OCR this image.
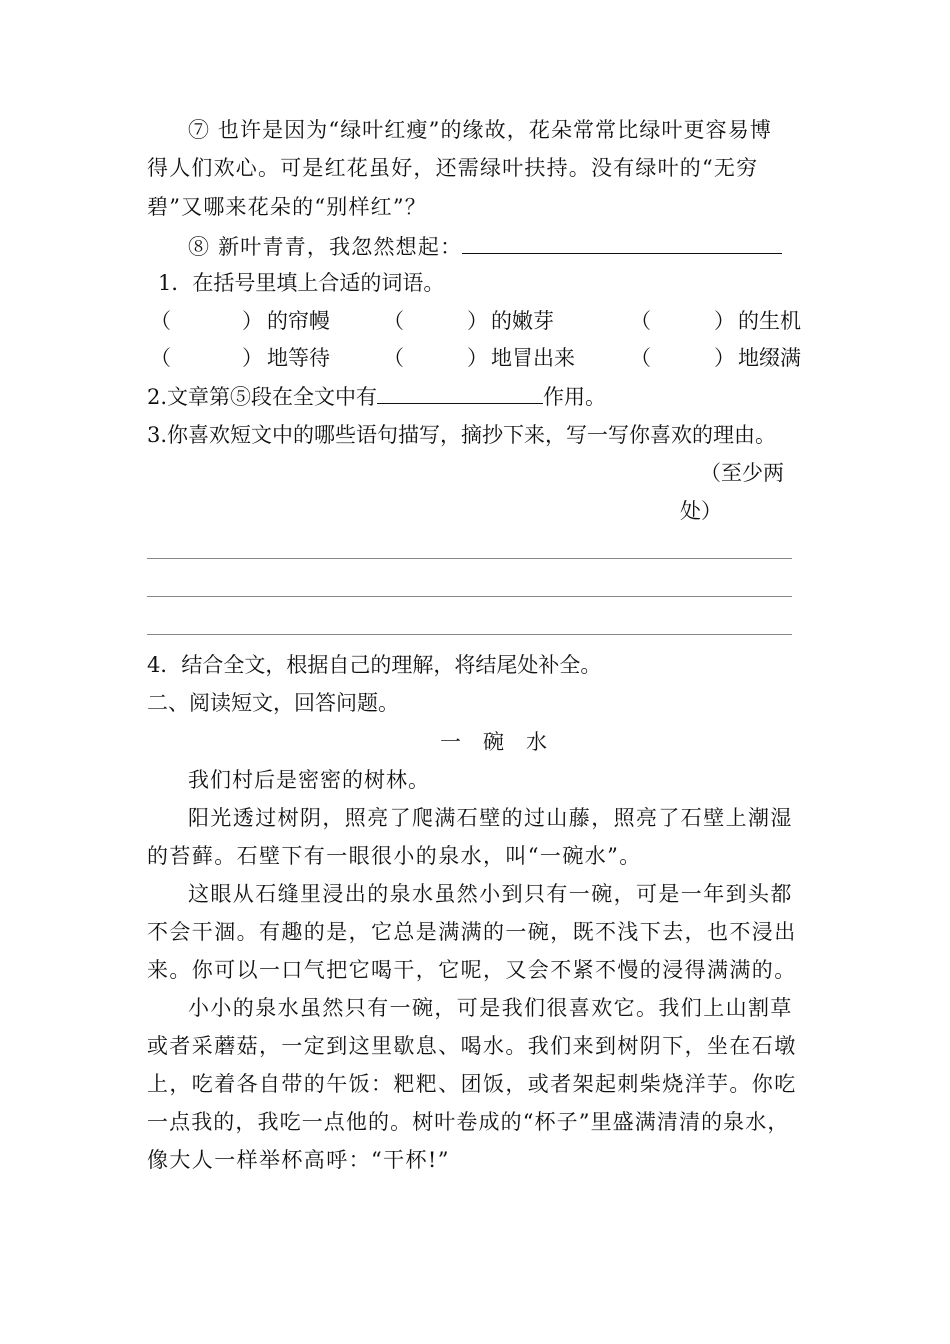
⑦ 也许是因为“绿叶红瘦”的缘故，花朵常常比绿叶更容易博
得人们欢心。可是红花虽好，还需绿叶扶持。没有绿叶的“无穷
碧”又哪来花朵的“别样红”？
⑧ 新叶青青，我忽然想起：
1．在括号里填上合适的词语。
（	） 的帘幔	（	） 的嫩芽	（	） 的生机
（	） 地等待	（	） 地冒出来	（	） 地缀满
2.文章第⑤段在全文中有	作用。
3.你喜欢短文中的哪些语句描写，摘抄下来，写一写你喜欢的理由。
（至少两
处）
4．结合全文，根据自己的理解，将结尾处补全。
二、阅读短文，回答问题。
一碗水
我们村后是密密的树林。
阳光透过树阴，照亮了爬满石壁的过山藤，照亮了石壁上潮湿
的苔藓。石壁下有一眼很小的泉水，叫“一碗水”。
这眼从石缝里浸出的泉水虽然小到只有一碗，可是一年到头都
不会干涸。有趣的是，它总是满满的一碗，既不浅下去，也不浸出
来。你可以一口气把它喝干，它呢，又会不紧不慢的浸得满满的。
小小的泉水虽然只有一碗，可是我们很喜欢它。我们上山割草
或者采蘑菇，一定到这里歇息、喝水。我们来到树阴下，坐在石墩
上，吃着各自带的午饭：粑粑、团饭，或者架起刺柴烧洋芋。你吃
一点我的，我吃一点他的。树叶卷成的“杯子”里盛满清清的泉水，
像大人一样举杯高呼：“干杯!”
